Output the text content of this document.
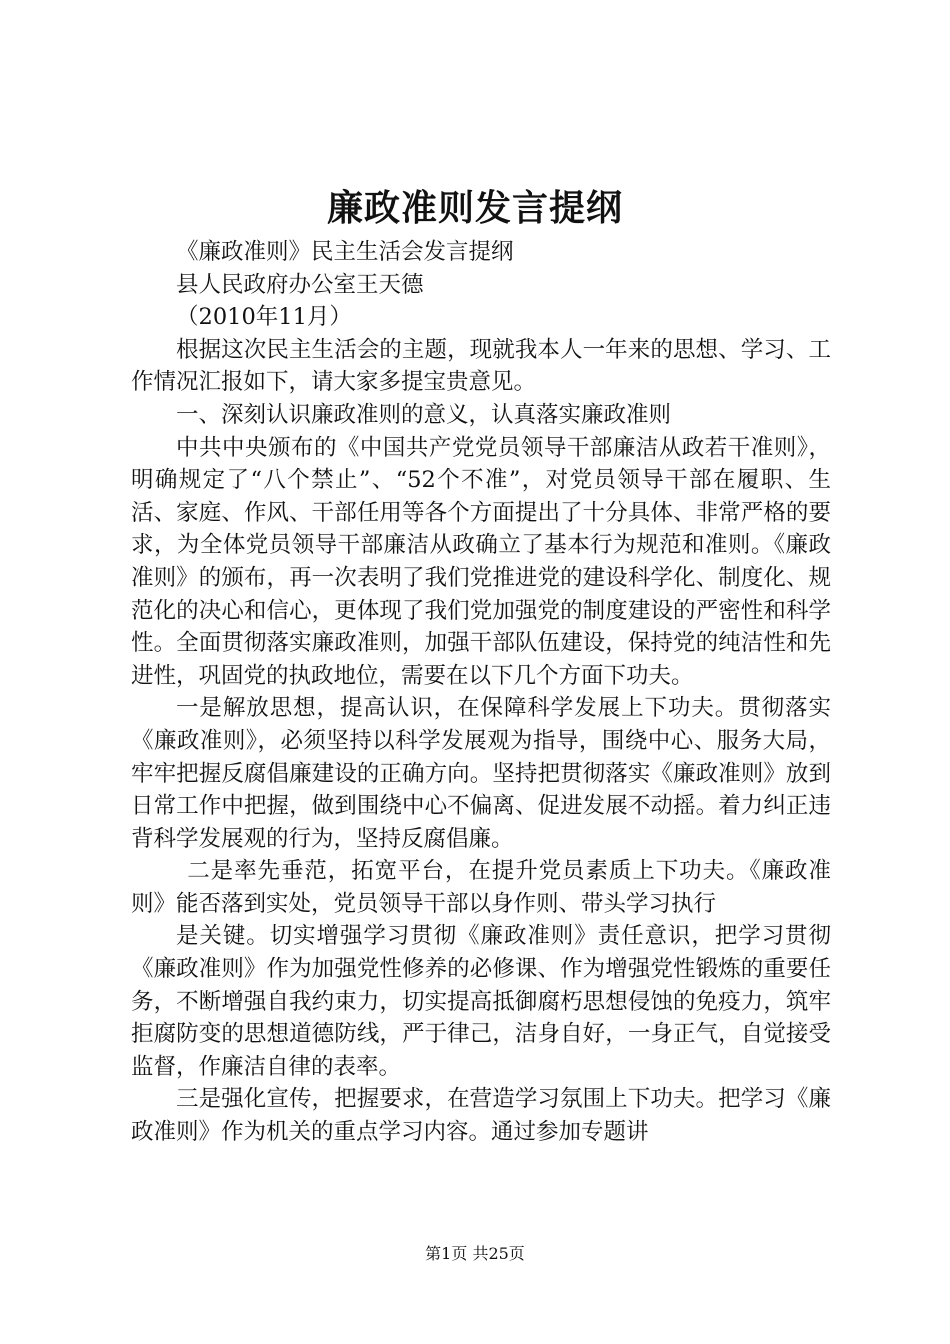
廉政准则发言提纲

《廉政准则》民主生活会发言提纲

县人民政府办公室王天德

（2010年11月）

根据这次民主生活会的主题，现就我本人一年来的思想、学习、工作情况汇报如下，请大家多提宝贵意见。

一、深刻认识廉政准则的意义，认真落实廉政准则

中共中央颁布的《中国共产党党员领导干部廉洁从政若干准则》，明确规定了“八个禁止”、“52个不准”，对党员领导干部在履职、生活、家庭、作风、干部任用等各个方面提出了十分具体、非常严格的要求，为全体党员领导干部廉洁从政确立了基本行为规范和准则。《廉政准则》的颁布，再一次表明了我们党推进党的建设科学化、制度化、规范化的决心和信心，更体现了我们党加强党的制度建设的严密性和科学性。全面贯彻落实廉政准则，加强干部队伍建设，保持党的纯洁性和先进性，巩固党的执政地位，需要在以下几个方面下功夫。

一是解放思想，提高认识，在保障科学发展上下功夫。贯彻落实《廉政准则》，必须坚持以科学发展观为指导，围绕中心、服务大局，牢牢把握反腐倡廉建设的正确方向。坚持把贯彻落实《廉政准则》放到日常工作中把握，做到围绕中心不偏离、促进发展不动摇。着力纠正违背科学发展观的行为，坚持反腐倡廉。

二是率先垂范，拓宽平台，在提升党员素质上下功夫。《廉政准则》能否落到实处，党员领导干部以身作则、带头学习执行

是关键。切实增强学习贯彻《廉政准则》责任意识，把学习贯彻《廉政准则》作为加强党性修养的必修课、作为增强党性锻炼的重要任务，不断增强自我约束力，切实提高抵御腐朽思想侵蚀的免疫力，筑牢拒腐防变的思想道德防线，严于律己，洁身自好，一身正气，自觉接受监督，作廉洁自律的表率。

三是强化宣传，把握要求，在营造学习氛围上下功夫。把学习《廉政准则》作为机关的重点学习内容。通过参加专题讲

第1页 共25页
